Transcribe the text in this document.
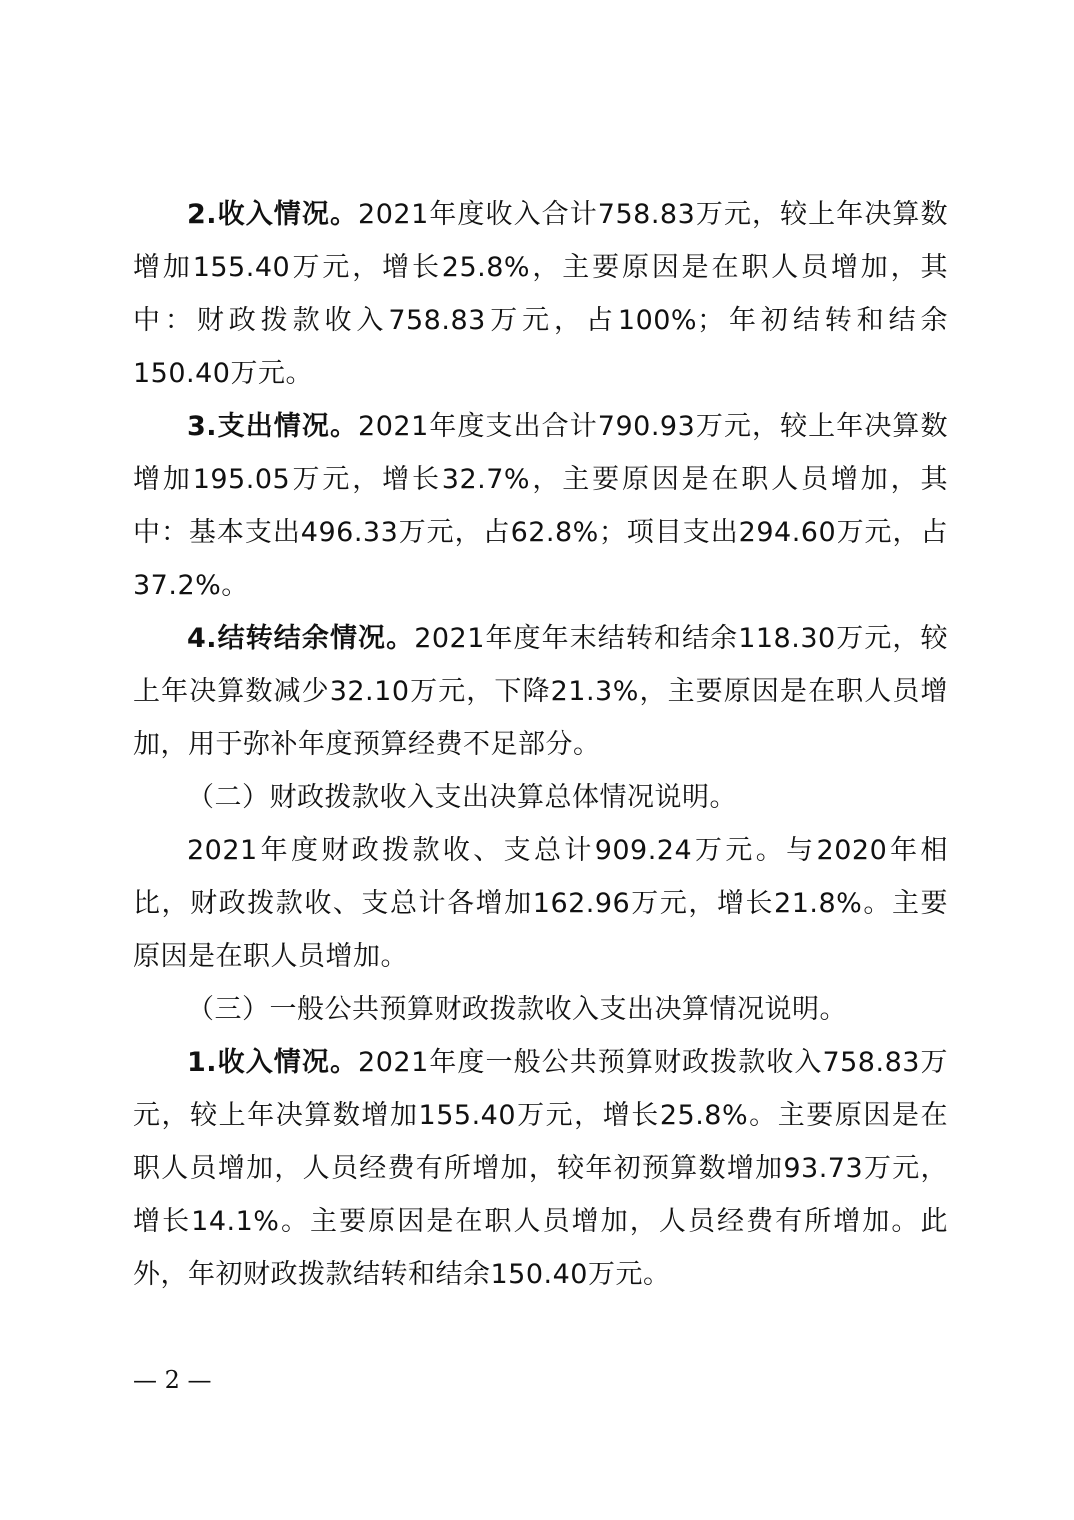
2.收入情况。2021年度收入合计758.83万元，较上年决算数增加155.40万元，增长25.8%，主要原因是在职人员增加，其中：财政拨款收入758.83万元，占100%；年初结转和结余150.40万元。

3.支出情况。2021年度支出合计790.93万元，较上年决算数增加195.05万元，增长32.7%，主要原因是在职人员增加，其中：基本支出496.33万元，占62.8%；项目支出294.60万元，占37.2%。

4.结转结余情况。2021年度年末结转和结余118.30万元，较上年决算数减少32.10万元，下降21.3%，主要原因是在职人员增加，用于弥补年度预算经费不足部分。

（二）财政拨款收入支出决算总体情况说明。

2021年度财政拨款收、支总计909.24万元。与2020年相比，财政拨款收、支总计各增加162.96万元，增长21.8%。主要原因是在职人员增加。

（三）一般公共预算财政拨款收入支出决算情况说明。

1.收入情况。2021年度一般公共预算财政拨款收入758.83万元，较上年决算数增加155.40万元，增长25.8%。主要原因是在职人员增加，人员经费有所增加，较年初预算数增加93.73万元，增长14.1%。主要原因是在职人员增加，人员经费有所增加。此外，年初财政拨款结转和结余150.40万元。

— 2 —
